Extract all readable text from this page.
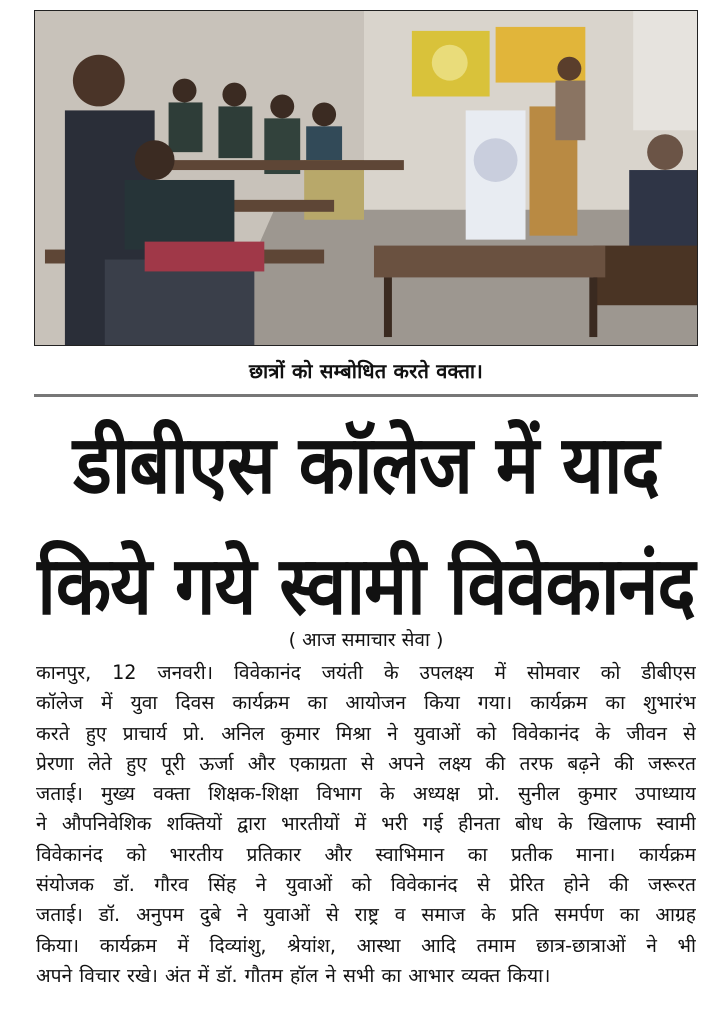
छात्रों को सम्बोधित करते वक्ता।
डीबीएस कॉलेज में याद
किये गये स्वामी विवेकानंद
( आज समाचार सेवा )
कानपुर, 12 जनवरी। विवेकानंद जयंती के उपलक्ष्य में सोमवार को डीबीएस
कॉलेज में युवा दिवस कार्यक्रम का आयोजन किया गया। कार्यक्रम का शुभारंभ
करते हुए प्राचार्य प्रो. अनिल कुमार मिश्रा ने युवाओं को विवेकानंद के जीवन से
प्रेरणा लेते हुए पूरी ऊर्जा और एकाग्रता से अपने लक्ष्य की तरफ बढ़ने की जरूरत
जताई। मुख्य वक्ता शिक्षक-शिक्षा विभाग के अध्यक्ष प्रो. सुनील कुमार उपाध्याय
ने औपनिवेशिक शक्तियों द्वारा भारतीयों में भरी गई हीनता बोध के खिलाफ स्वामी
विवेकानंद को भारतीय प्रतिकार और स्वाभिमान का प्रतीक माना। कार्यक्रम
संयोजक डॉ. गौरव सिंह ने युवाओं को विवेकानंद से प्रेरित होने की जरूरत
जताई। डॉ. अनुपम दुबे ने युवाओं से राष्ट्र व समाज के प्रति समर्पण का आग्रह
किया। कार्यक्रम में दिव्यांशु, श्रेयांश, आस्था आदि तमाम छात्र-छात्राओं ने भी
अपने विचार रखे। अंत में डॉ. गौतम हॉल ने सभी का आभार व्यक्त किया।
